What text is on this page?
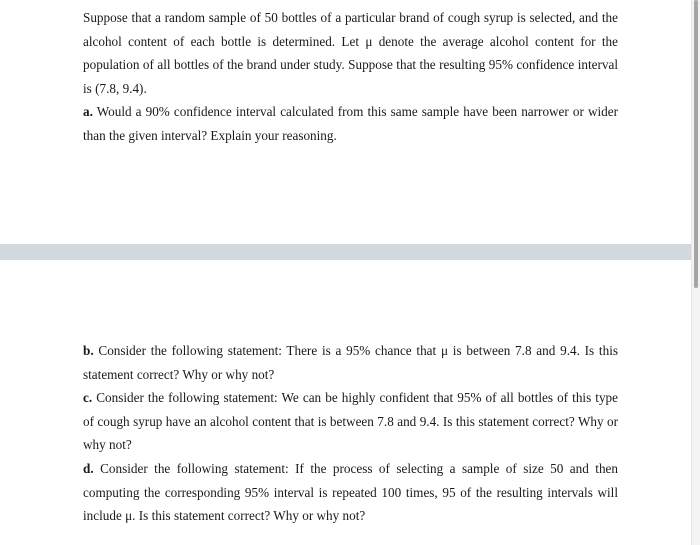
Suppose that a random sample of 50 bottles of a particular brand of cough syrup is selected, and the alcohol content of each bottle is determined. Let μ denote the average alcohol content for the population of all bottles of the brand under study. Suppose that the resulting 95% confidence interval is (7.8, 9.4).
a. Would a 90% confidence interval calculated from this same sample have been narrower or wider than the given interval? Explain your reasoning.
b. Consider the following statement: There is a 95% chance that μ is between 7.8 and 9.4. Is this statement correct? Why or why not?
c. Consider the following statement: We can be highly confident that 95% of all bottles of this type of cough syrup have an alcohol content that is between 7.8 and 9.4. Is this statement correct? Why or why not?
d. Consider the following statement: If the process of selecting a sample of size 50 and then computing the corresponding 95% interval is repeated 100 times, 95 of the resulting intervals will include μ. Is this statement correct? Why or why not?
